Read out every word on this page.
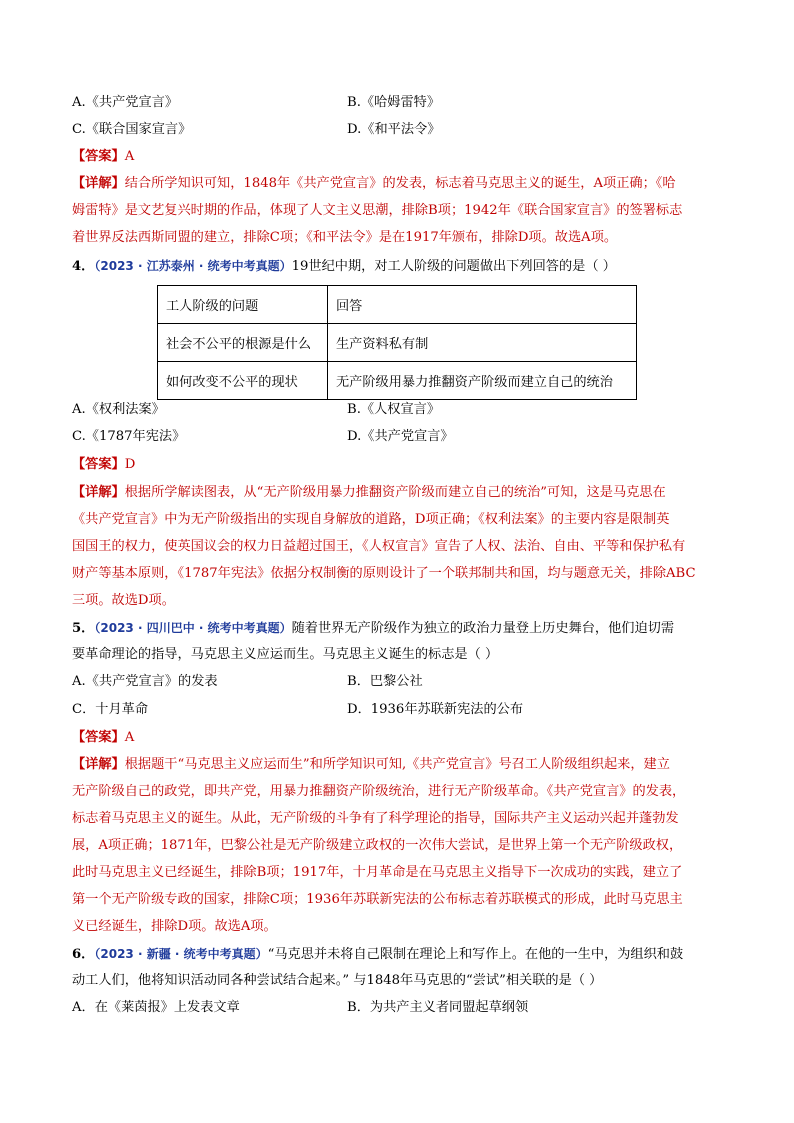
A.《共产党宣言》	B.《哈姆雷特》
C.《联合国家宣言》	D.《和平法令》
【答案】A
【详解】结合所学知识可知，1848年《共产党宣言》的发表，标志着马克思主义的诞生，A项正确；《哈
姆雷特》是文艺复兴时期的作品，体现了人文主义思潮，排除B项；1942年《联合国家宣言》的签署标志
着世界反法西斯同盟的建立，排除C项；《和平法令》是在1917年颁布，排除D项。故选A项。
4．（2023 · 江苏泰州 · 统考中考真题）19世纪中期，对工人阶级的问题做出下列回答的是（ ）
工人阶级的问题	回答
社会不公平的根源是什么	生产资料私有制
如何改变不公平的现状	无产阶级用暴力推翻资产阶级而建立自己的统治
A.《权利法案》	B.《人权宣言》
C.《1787年宪法》	D.《共产党宣言》
【答案】D
【详解】根据所学解读图表，从“无产阶级用暴力推翻资产阶级而建立自己的统治”可知，这是马克思在
《共产党宣言》中为无产阶级指出的实现自身解放的道路，D项正确；《权利法案》的主要内容是限制英
国国王的权力，使英国议会的权力日益超过国王，《人权宣言》宣告了人权、法治、自由、平等和保护私有
财产等基本原则，《1787年宪法》依据分权制衡的原则设计了一个联邦制共和国，均与题意无关，排除ABC
三项。故选D项。
5．（2023 · 四川巴中 · 统考中考真题）随着世界无产阶级作为独立的政治力量登上历史舞台，他们迫切需
要革命理论的指导，马克思主义应运而生。马克思主义诞生的标志是（ ）
A.《共产党宣言》的发表	B．巴黎公社
C．十月革命	D．1936年苏联新宪法的公布
【答案】A
【详解】根据题干“马克思主义应运而生”和所学知识可知,《共产党宣言》号召工人阶级组织起来，建立
无产阶级自己的政党，即共产党，用暴力推翻资产阶级统治，进行无产阶级革命。《共产党宣言》的发表，
标志着马克思主义的诞生。从此，无产阶级的斗争有了科学理论的指导，国际共产主义运动兴起并蓬勃发
展，A项正确；1871年，巴黎公社是无产阶级建立政权的一次伟大尝试，是世界上第一个无产阶级政权，
此时马克思主义已经诞生，排除B项；1917年，十月革命是在马克思主义指导下一次成功的实践，建立了
第一个无产阶级专政的国家，排除C项；1936年苏联新宪法的公布标志着苏联模式的形成，此时马克思主
义已经诞生，排除D项。故选A项。
6．（2023 · 新疆 · 统考中考真题）“马克思并未将自己限制在理论上和写作上。在他的一生中，为组织和鼓
动工人们，他将知识活动同各种尝试结合起来。” 与1848年马克思的“尝试”相关联的是（ ）
A．在《莱茵报》上发表文章	B．为共产主义者同盟起草纲领
